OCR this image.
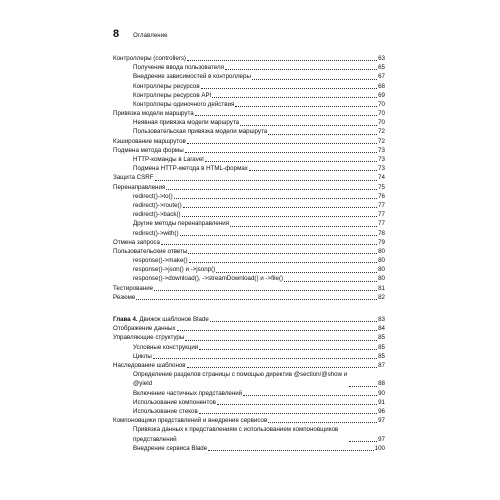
8 Оглавление
Контроллеры (controllers)	63
Получение ввода пользователя	65
Внедрение зависимостей в контроллеры	67
Контроллеры ресурсов	68
Контроллеры ресурсов API	69
Контроллеры одиночного действия	70
Привязка модели маршрута	70
Неявная привязка модели маршрута	70
Пользовательская привязка модели маршрута	72
Кэширование маршрутов	72
Подмена метода формы	73
HTTP-команды в Laravel	73
Подмена HTTP-метода в HTML-формах	73
Защита CSRF	74
Перенаправления	75
redirect()->to()	76
redirect()->route()	77
redirect()->back()	77
Другие методы перенаправления	77
redirect()->with()	78
Отмена запроса	79
Пользовательские ответы	80
response()->make()	80
response()->json() и ->jsonp()	80
response()->download(), ->streamDownload() и ->file()	80
Тестирование	81
Резюме	82
Глава 4. Движок шаблонов Blade	83
Отображение данных	84
Управляющие структуры	85
Условные конструкции	85
Циклы	85
Наследование шаблонов	87
Определение разделов страницы с помощью директив @section/@show и @yield	88
Включение частичных представлений	90
Использование компонентов	91
Использование стеков	96
Компоновщики представлений и внедрение сервисов	97
Привязка данных к представлениям с использованием компоновщиков представлений	97
Внедрение сервиса Blade	100
